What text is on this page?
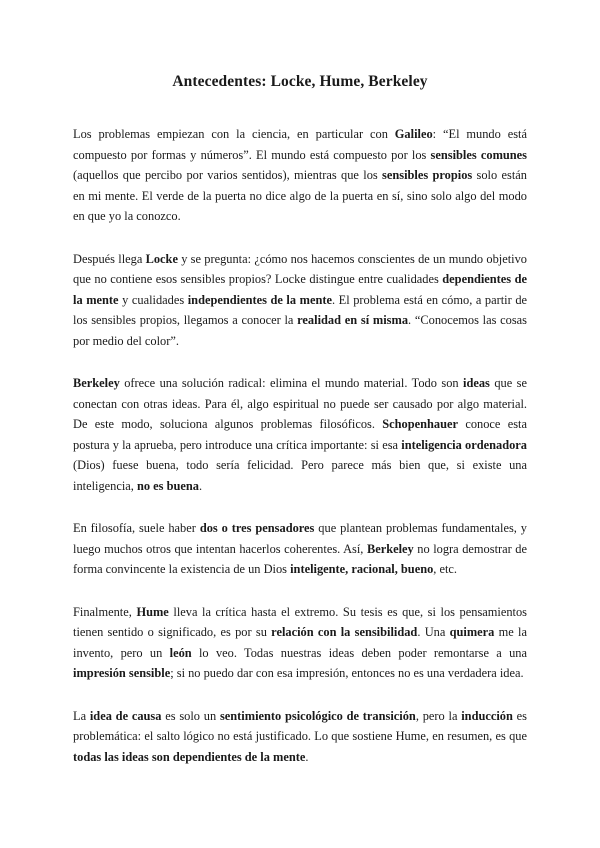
Antecedentes: Locke, Hume, Berkeley

Los problemas empiezan con la ciencia, en particular con Galileo: “El mundo está compuesto por formas y números”. El mundo está compuesto por los sensibles comunes (aquellos que percibo por varios sentidos), mientras que los sensibles propios solo están en mi mente. El verde de la puerta no dice algo de la puerta en sí, sino solo algo del modo en que yo la conozco.

Después llega Locke y se pregunta: ¿cómo nos hacemos conscientes de un mundo objetivo que no contiene esos sensibles propios? Locke distingue entre cualidades dependientes de la mente y cualidades independientes de la mente. El problema está en cómo, a partir de los sensibles propios, llegamos a conocer la realidad en sí misma. “Conocemos las cosas por medio del color”.

Berkeley ofrece una solución radical: elimina el mundo material. Todo son ideas que se conectan con otras ideas. Para él, algo espiritual no puede ser causado por algo material. De este modo, soluciona algunos problemas filosóficos. Schopenhauer conoce esta postura y la aprueba, pero introduce una crítica importante: si esa inteligencia ordenadora (Dios) fuese buena, todo sería felicidad. Pero parece más bien que, si existe una inteligencia, no es buena.

En filosofía, suele haber dos o tres pensadores que plantean problemas fundamentales, y luego muchos otros que intentan hacerlos coherentes. Así, Berkeley no logra demostrar de forma convincente la existencia de un Dios inteligente, racional, bueno, etc.

Finalmente, Hume lleva la crítica hasta el extremo. Su tesis es que, si los pensamientos tienen sentido o significado, es por su relación con la sensibilidad. Una quimera me la invento, pero un león lo veo. Todas nuestras ideas deben poder remontarse a una impresión sensible; si no puedo dar con esa impresión, entonces no es una verdadera idea.

La idea de causa es solo un sentimiento psicológico de transición, pero la inducción es problemática: el salto lógico no está justificado. Lo que sostiene Hume, en resumen, es que todas las ideas son dependientes de la mente.
